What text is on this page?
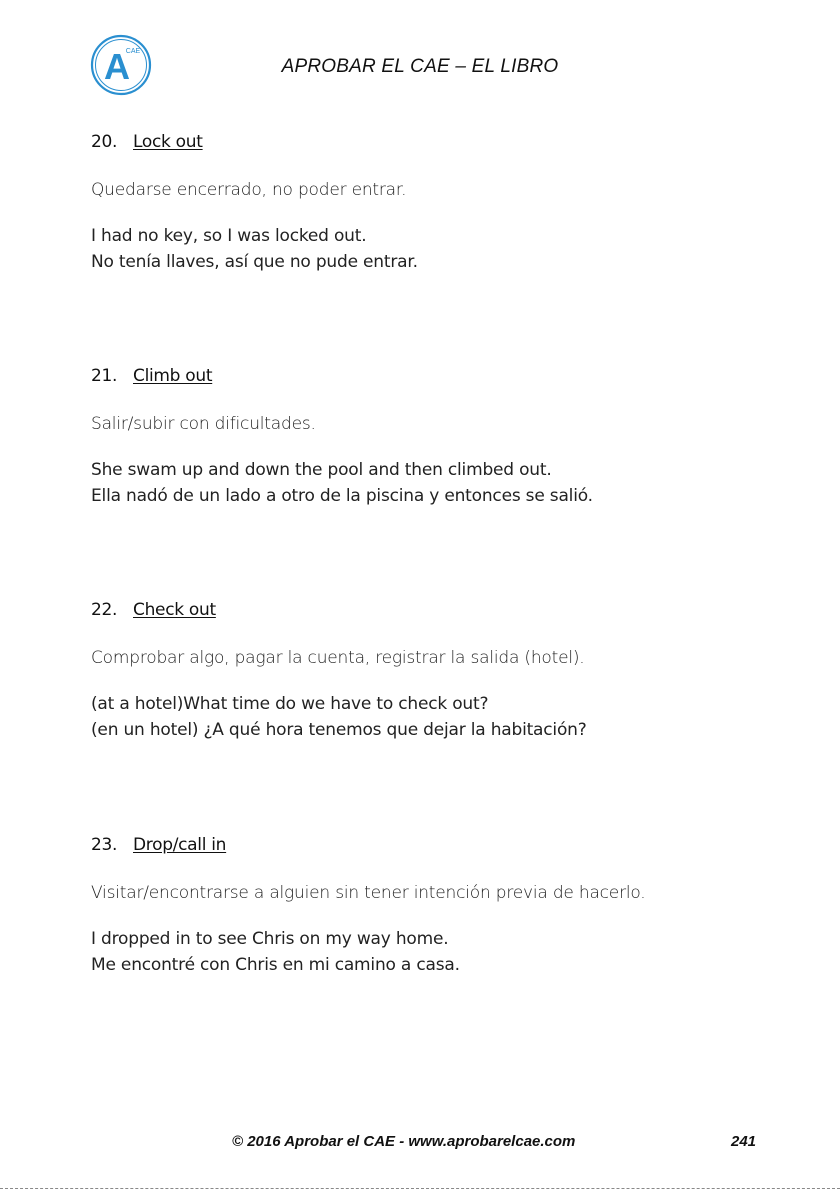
A
CAE
APROBAR EL CAE – EL LIBRO

20. Lock out

Quedarse encerrado, no poder entrar.

I had no key, so I was locked out.
No tenía llaves, así que no pude entrar.

21. Climb out

Salir/subir con dificultades.

She swam up and down the pool and then climbed out.
Ella nadó de un lado a otro de la piscina y entonces se salió.

22. Check out

Comprobar algo, pagar la cuenta, registrar la salida (hotel).

(at a hotel)What time do we have to check out?
(en un hotel) ¿A qué hora tenemos que dejar la habitación?

23. Drop/call in

Visitar/encontrarse a alguien sin tener intención previa de hacerlo.

I dropped in to see Chris on my way home.
Me encontré con Chris en mi camino a casa.
© 2016 Aprobar el CAE - www.aprobarelcae.com	241
